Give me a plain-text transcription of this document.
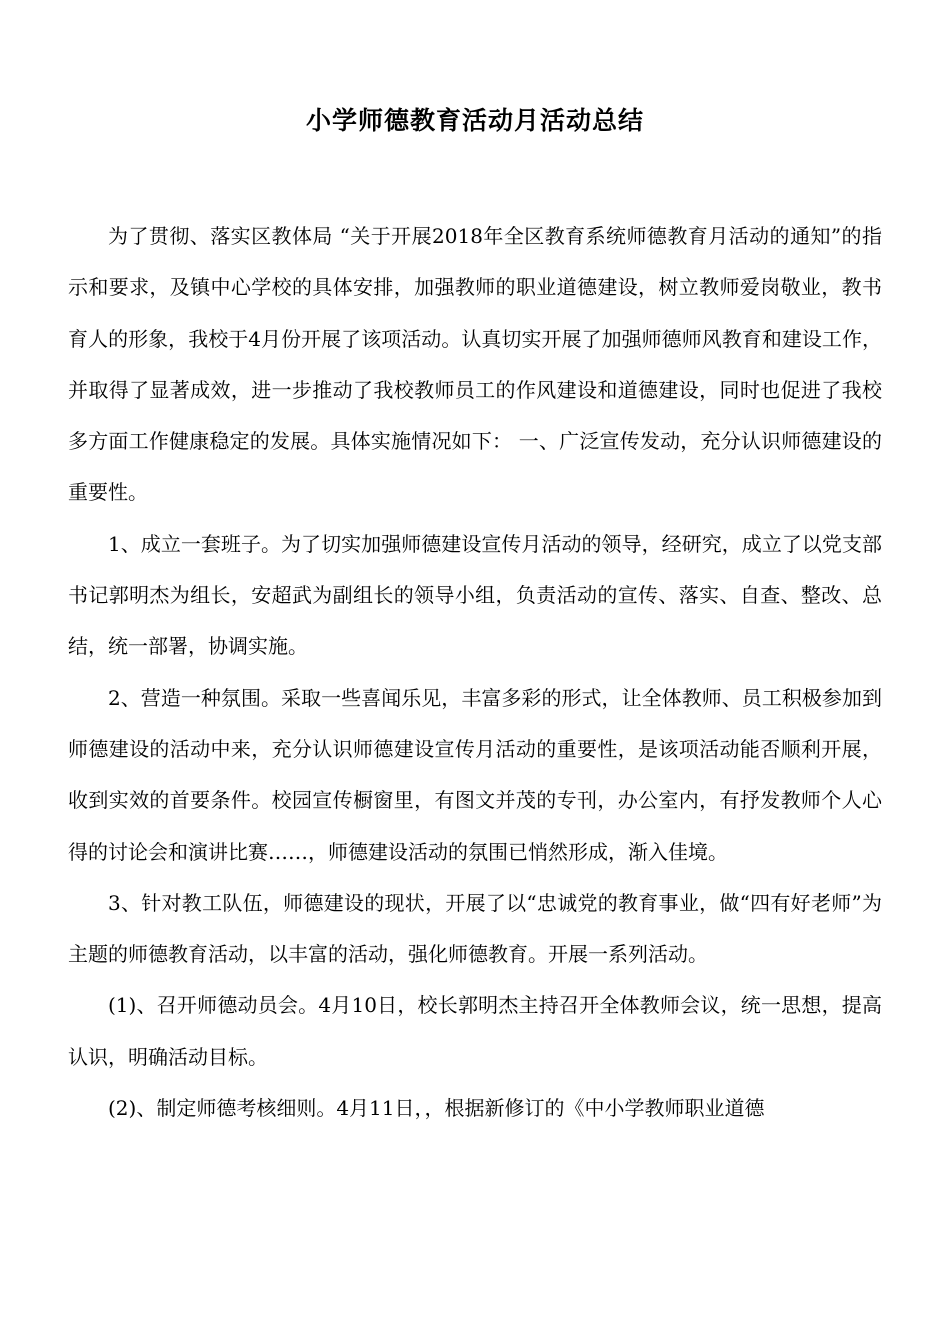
小学师德教育活动月活动总结

为了贯彻、落实区教体局 “关于开展2018年全区教育系统师德教育月活动的通知”的指示和要求，及镇中心学校的具体安排，加强教师的职业道德建设，树立教师爱岗敬业，教书育人的形象，我校于4月份开展了该项活动。认真切实开展了加强师德师风教育和建设工作，并取得了显著成效，进一步推动了我校教师员工的作风建设和道德建设，同时也促进了我校多方面工作健康稳定的发展。具体实施情况如下： 一、广泛宣传发动，充分认识师德建设的重要性。

1、成立一套班子。为了切实加强师德建设宣传月活动的领导，经研究，成立了以党支部书记郭明杰为组长，安超武为副组长的领导小组，负责活动的宣传、落实、自查、整改、总结，统一部署，协调实施。

2、营造一种氛围。采取一些喜闻乐见，丰富多彩的形式，让全体教师、员工积极参加到师德建设的活动中来，充分认识师德建设宣传月活动的重要性，是该项活动能否顺利开展，收到实效的首要条件。校园宣传橱窗里，有图文并茂的专刊，办公室内，有抒发教师个人心得的讨论会和演讲比赛……，师德建设活动的氛围已悄然形成，渐入佳境。

3、针对教工队伍，师德建设的现状，开展了以“忠诚党的教育事业，做“四有好老师”为主题的师德教育活动，以丰富的活动，强化师德教育。开展一系列活动。

(1)、召开师德动员会。4月10日，校长郭明杰主持召开全体教师会议，统一思想，提高认识，明确活动目标。

(2)、制定师德考核细则。4月11日，，根据新修订的《中小学教师职业道德
